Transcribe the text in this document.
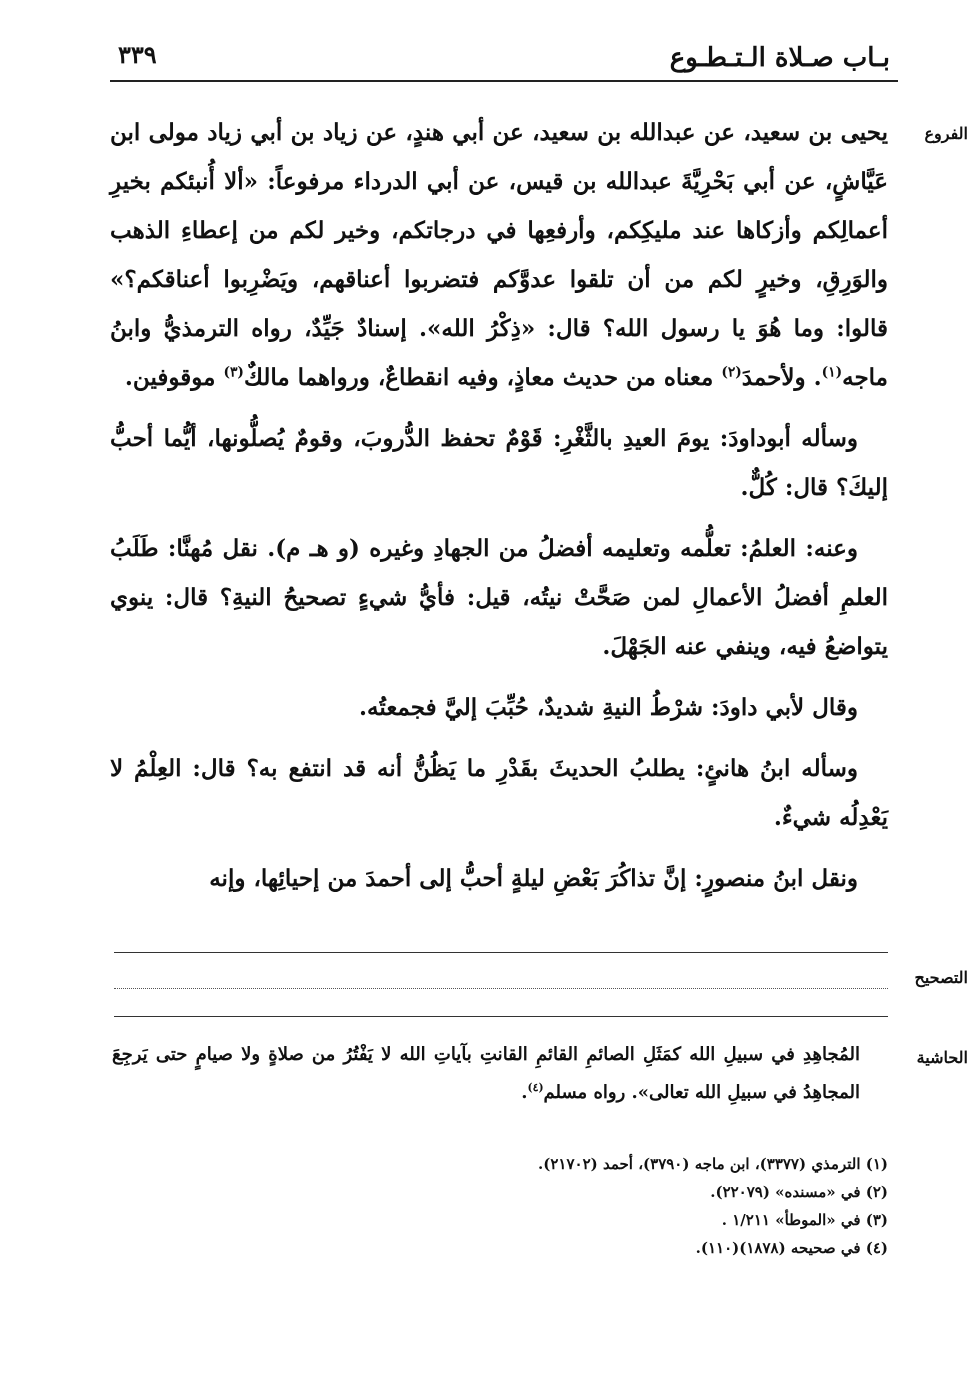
بـاب صـلاة الـتـطـوع
٣٣٩
الفروع
التصحيح
الحاشية

يحيى بن سعيد، عن عبدالله بن سعيد، عن أبي هندٍ، عن زياد بن أبي زياد مولى ابن عَيَّاشٍ، عن أبي بَحْرِيَّةَ عبدالله بن قيس، عن أبي الدرداء مرفوعاً: «ألا أُنبئكم بخيرِ أعمالِكم وأزكاها عند مليكِكم، وأرفعِها في درجاتكم، وخير لكم من إعطاءِ الذهب والوَرِقِ، وخيرٍ لكم من أن تلقوا عدوَّكم فتضربوا أعناقهم، ويَضْرِبوا أعناقكم؟» قالوا: وما هُوَ يا رسول الله؟ قال: «ذِكْرُ الله». إسنادٌ جَيِّدٌ، رواه الترمذيُّ وابنُ ماجه$^{(١)}$. ولأحمدَ$^{(٢)}$ معناه من حديث معاذٍ، وفيه انقطاعٌ، ورواهما مالكٌ$^{(٣)}$ موقوفين.

وسأله أبوداودَ: يومَ العيدِ بالثَّغْرِ: قَوْمٌ تحفظ الدُّروبَ، وقومٌ يُصلُّونها، أيُّما أحبُّ إليكَ؟ قال: كُلٌّ.

وعنه: العلمُ: تعلُّمه وتعليمه أفضلُ من الجهادِ وغيره (و هـ م). نقل مُهنَّا: طَلَبُ العلمِ أفضلُ الأعمالِ لمن صَحَّتْ نيتُه، قيل: فأيُّ شيءٍ تصحيحُ النيةِ؟ قال: ينوي يتواضعُ فيه، وينفي عنه الجَهْلَ.

وقال لأبي داودَ: شرْطُ النيةِ شديدٌ، حُبِّبَ إليَّ فجمعتُه.

وسأله ابنُ هانئٍ: يطلبُ الحديثَ بقَدْرِ ما يَظُنُّ أنه قد انتفع به؟ قال: العِلْمُ لا يَعْدِلُه شيءٌ.

ونقل ابنُ منصورٍ: إنَّ تذاكُرَ بَعْضِ ليلةٍ أحبُّ إلى أحمدَ من إحيائِها، وإنه

المُجاهِدِ في سبيلِ الله كمَثَلِ الصائمِ القائمِ القانتِ بآياتِ الله لا يَفْتُرُ من صلاةٍ ولا صيامٍ حتى يَرجِعَ المجاهِدُ في سبيلِ الله تعالى». رواه مسلم$^{(٤)}$.

(١) الترمذي (٣٣٧٧)، ابن ماجه (٣٧٩٠)، أحمد (٢١٧٠٢).

(٢) في «مسنده» (٢٢٠٧٩).

(٣) في «الموطأ» ١/٢١١ .

(٤) في صحيحه (١٨٧٨)(١١٠).
